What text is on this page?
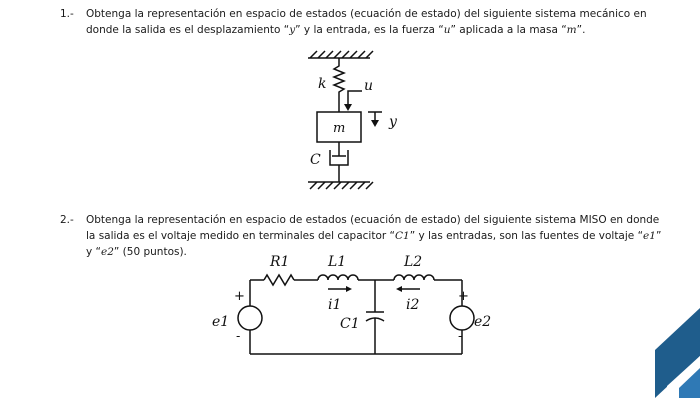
1.- Obtenga la representación en espacio de estados (ecuación de estado) del siguiente sistema mecánico en donde la salida es el desplazamiento “y” y la entrada, es la fuerza “u” aplicada a la masa “m”.
k	u
m	y
C
2.- Obtenga la representación en espacio de estados (ecuación de estado) del siguiente sistema MISO en donde la salida es el voltaje medido en terminales del capacitor “C1” y las entradas, son las fuentes de voltaje “e1” y “e2” (50 puntos).
+
-
e1
R1	L1	L2
+
-
e2
C1
i1	i2
